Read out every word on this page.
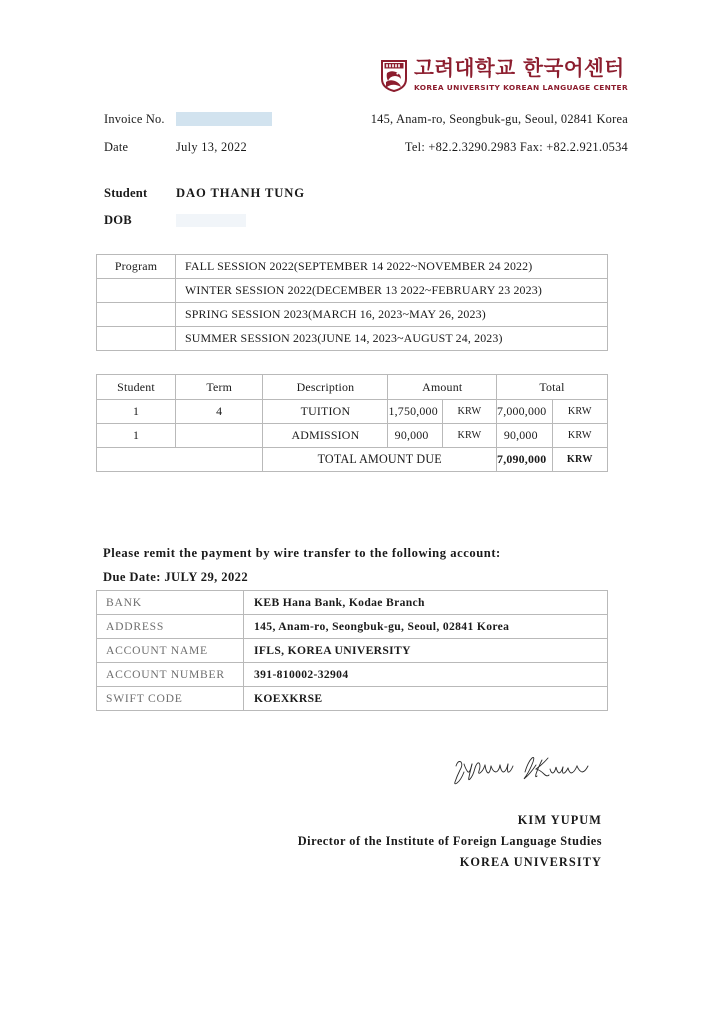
고려대학교 한국어센터
KOREA UNIVERSITY KOREAN LANGUAGE CENTER
Invoice No.	145, Anam-ro, Seongbuk-gu, Seoul, 02841 Korea
Date	July 13, 2022	Tel: +82.2.3290.2983 Fax: +82.2.921.0534
Student	DAO THANH TUNG
DOB
Program	FALL SESSION 2022(SEPTEMBER 14 2022~NOVEMBER 24 2022)
	WINTER SESSION 2022(DECEMBER 13 2022~FEBRUARY 23 2023)
	SPRING SESSION 2023(MARCH 16, 2023~MAY 26, 2023)
	SUMMER SESSION 2023(JUNE 14, 2023~AUGUST 24, 2023)
Student	Term	Description	Amount		Total	
1	4	TUITION	1,750,000	KRW	7,000,000	KRW
1		ADMISSION	90,000	KRW	90,000	KRW
		TOTAL AMOUNT DUE			7,090,000	KRW
Please remit the payment by wire transfer to the following account:
Due Date: JULY 29, 2022
BANK	KEB Hana Bank, Kodae Branch
ADDRESS	145, Anam-ro, Seongbuk-gu, Seoul, 02841 Korea
ACCOUNT NAME	IFLS, KOREA UNIVERSITY
ACCOUNT NUMBER	391-810002-32904
SWIFT CODE	KOEXKRSE
KIM YUPUM
Director of the Institute of Foreign Language Studies
KOREA UNIVERSITY
